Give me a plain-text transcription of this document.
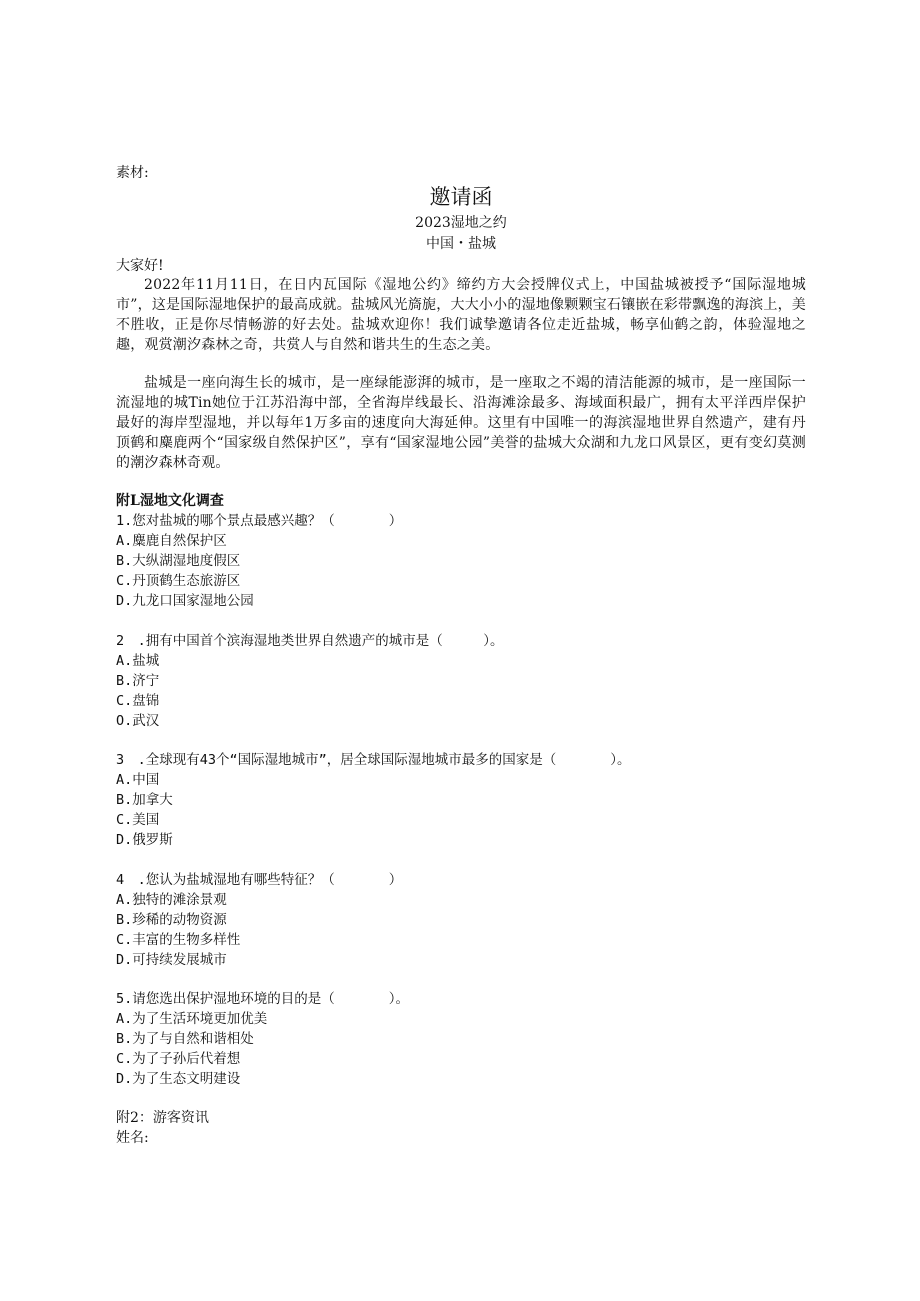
素材:

邀请函

2023湿地之约

中国・盐城

大家好!

2022年11月11日，在日内瓦国际《湿地公约》缔约方大会授牌仪式上，中国盐城被授予“国际湿地城市”，这是国际湿地保护的最高成就。盐城风光旖旎，大大小小的湿地像颗颗宝石镶嵌在彩带飘逸的海滨上，美不胜收，正是你尽情畅游的好去处。盐城欢迎你！我们诚挚邀请各位走近盐城，畅享仙鹤之韵，体验湿地之趣，观赏潮汐森林之奇，共赏人与自然和谐共生的生态之美。

盐城是一座向海生长的城市，是一座绿能澎湃的城市，是一座取之不竭的清洁能源的城市，是一座国际一流湿地的城Tin她位于江苏沿海中部，全省海岸线最长、沿海滩涂最多、海域面积最广，拥有太平洋西岸保护最好的海岸型湿地，并以每年1万多亩的速度向大海延伸。这里有中国唯一的海滨湿地世界自然遗产，建有丹顶鹤和麋鹿两个“国家级自然保护区”，享有“国家湿地公园”美誉的盐城大众湖和九龙口风景区，更有变幻莫测的潮汐森林奇观。

附L湿地文化调查

1.您对盐城的哪个景点最感兴趣？（　　　　）

A.麋鹿自然保护区

B.大纵湖湿地度假区

C.丹顶鹤生态旅游区

D.九龙口国家湿地公园

2　.拥有中国首个滨海湿地类世界自然遗产的城市是（　　　）。

A.盐城

B.济宁

C.盘锦

O.武汉

3　.全球现有43个“国际湿地城市”，居全球国际湿地城市最多的国家是（　　　　）。

A.中国

B.加拿大

C.美国

D.俄罗斯

4　.您认为盐城湿地有哪些特征？（　　　　）

A.独特的滩涂景观

B.珍稀的动物资源

C.丰富的生物多样性

D.可持续发展城市

5.请您选出保护湿地环境的目的是（　　　　）。

A.为了生活环境更加优美

B.为了与自然和谐相处

C.为了子孙后代着想

D.为了生态文明建设

附2：游客资讯

姓名:
